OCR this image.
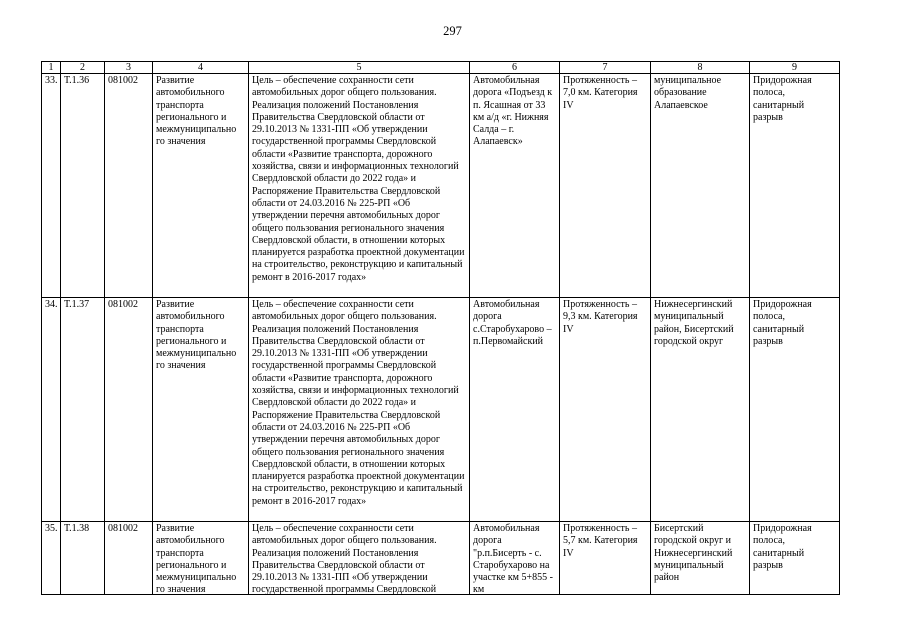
297
1	2	3	4	5	6	7	8	9
33.	Т.1.36	081002	Развитие автомобильного транспорта регионального и межмуниципально го значения	Цель – обеспечение сохранности сети автомобильных дорог общего пользования. Реализация положений Постановления Правительства Свердловской области от 29.10.2013 № 1331-ПП «Об утверждении государственной программы Свердловской области «Развитие транспорта, дорожного хозяйства, связи и информационных технологий Свердловской области до 2022 года» и Распоряжение Правительства Свердловской области от 24.03.2016 № 225-РП «Об утверждении перечня автомобильных дорог общего пользования регионального значения Свердловской области, в отношении которых планируется разработка проектной документации на строительство, реконструкцию и капитальный ремонт в 2016-2017 годах»	Автомобильная дорога «Подъезд к п. Ясашная от 33 км а/д «г. Нижняя Салда – г. Алапаевск»	Протяженность – 7,0 км. Категория IV	муниципальное образование Алапаевское	Придорожная полоса, санитарный разрыв
34.	Т.1.37	081002	Развитие автомобильного транспорта регионального и межмуниципально го значения	Цель – обеспечение сохранности сети автомобильных дорог общего пользования. Реализация положений Постановления Правительства Свердловской области от 29.10.2013 № 1331-ПП «Об утверждении государственной программы Свердловской области «Развитие транспорта, дорожного хозяйства, связи и информационных технологий Свердловской области до 2022 года» и Распоряжение Правительства Свердловской области от 24.03.2016 № 225-РП «Об утверждении перечня автомобильных дорог общего пользования регионального значения Свердловской области, в отношении которых планируется разработка проектной документации на строительство, реконструкцию и капитальный ремонт в 2016-2017 годах»	Автомобильная дорога с.Старобухарово – п.Первомайский	Протяженность – 9,3 км. Категория IV	Нижнесергинский муниципальный район, Бисертский городской округ	Придорожная полоса, санитарный разрыв

35.	Т.1.38	081002	Развитие автомобильного транспорта регионального и межмуниципально го значения	Цель – обеспечение сохранности сети автомобильных дорог общего пользования. Реализация положений Постановления Правительства Свердловской области от 29.10.2013 № 1331-ПП «Об утверждении государственной программы Свердловской	Автомобильная дорога "р.п.Бисерть - с. Старобухарово на участке км 5+855 - км	Протяженность – 5,7 км. Категория IV	Бисертский городской округ и Нижнесергинский муниципальный район	Придорожная полоса, санитарный разрыв
